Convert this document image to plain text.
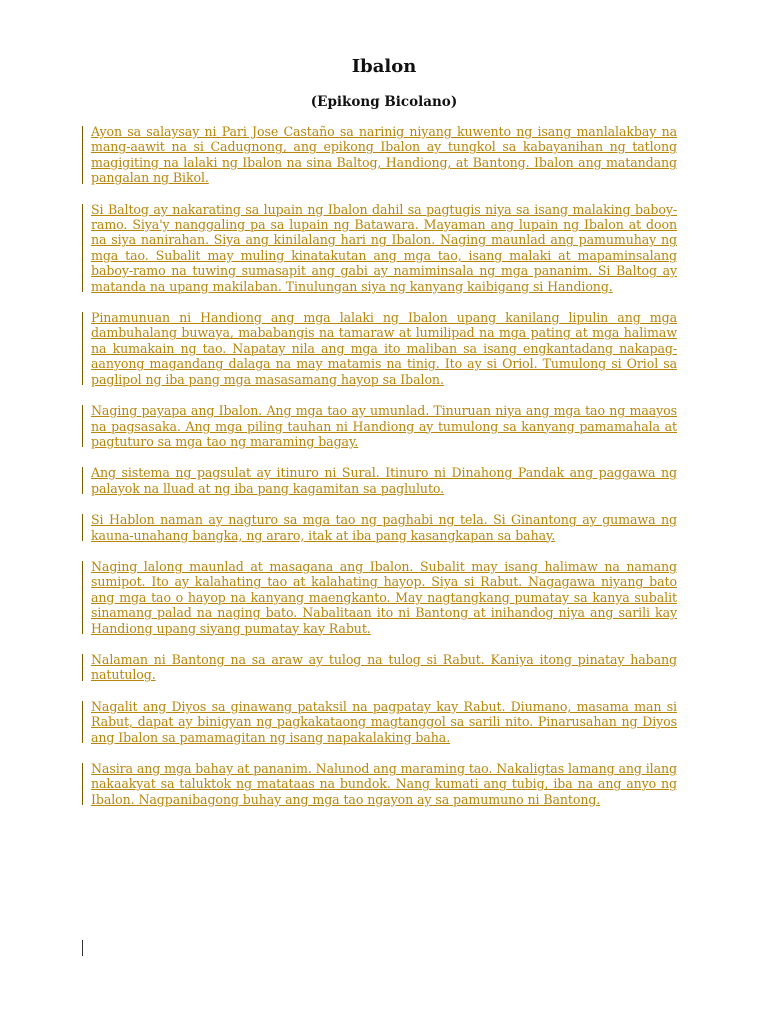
Ibalon
(Epikong Bicolano)

Ayon sa salaysay ni Pari Jose Castaño sa narinig niyang kuwento ng isang manlalakbay na mang-aawit na si Cadugnong, ang epikong Ibalon ay tungkol sa kabayanihan ng tatlong magigiting na lalaki ng Ibalon na sina Baltog, Handiong, at Bantong. Ibalon ang matandang pangalan ng Bikol.

Si Baltog ay nakarating sa lupain ng Ibalon dahil sa pagtugis niya sa isang malaking baboy-ramo. Siya'y nanggaling pa sa lupain ng Batawara. Mayaman ang lupain ng Ibalon at doon na siya nanirahan. Siya ang kinilalang hari ng Ibalon. Naging maunlad ang pamumuhay ng mga tao. Subalit may muling kinatakutan ang mga tao, isang malaki at mapaminsalang baboy-ramo na tuwing sumasapit ang gabi ay namiminsala ng mga pananim. Si Baltog ay matanda na upang makilaban. Tinulungan siya ng kanyang kaibigang si Handiong.

Pinamunuan ni Handiong ang mga lalaki ng Ibalon upang kanilang lipulin ang mga dambuhalang buwaya, mababangis na tamaraw at lumilipad na mga pating at mga halimaw na kumakain ng tao. Napatay nila ang mga ito maliban sa isang engkantadang nakapag-aanyong magandang dalaga na may matamis na tinig. Ito ay si Oriol. Tumulong si Oriol sa paglipol ng iba pang mga masasamang hayop sa Ibalon.

Naging payapa ang Ibalon. Ang mga tao ay umunlad. Tinuruan niya ang mga tao ng maayos na pagsasaka. Ang mga piling tauhan ni Handiong ay tumulong sa kanyang pamamahala at pagtuturo sa mga tao ng maraming bagay.

Ang sistema ng pagsulat ay itinuro ni Sural. Itinuro ni Dinahong Pandak ang paggawa ng palayok na lluad at ng iba pang kagamitan sa pagluluto.

Si Hablon naman ay nagturo sa mga tao ng paghabi ng tela. Si Ginantong ay gumawa ng kauna-unahang bangka, ng araro, itak at iba pang kasangkapan sa bahay.

Naging lalong maunlad at masagana ang Ibalon. Subalit may isang halimaw na namang sumipot. Ito ay kalahating tao at kalahating hayop. Siya si Rabut. Nagagawa niyang bato ang mga tao o hayop na kanyang maengkanto. May nagtangkang pumatay sa kanya subalit sinamang palad na naging bato. Nabalitaan ito ni Bantong at inihandog niya ang sarili kay Handiong upang siyang pumatay kay Rabut.

Nalaman ni Bantong na sa araw ay tulog na tulog si Rabut. Kaniya itong pinatay habang natutulog.

Nagalit ang Diyos sa ginawang pataksil na pagpatay kay Rabut. Diumano, masama man si Rabut, dapat ay binigyan ng pagkakataong magtanggol sa sarili nito. Pinarusahan ng Diyos ang Ibalon sa pamamagitan ng isang napakalaking baha.

Nasira ang mga bahay at pananim. Nalunod ang maraming tao. Nakaligtas lamang ang ilang nakaakyat sa taluktok ng matataas na bundok. Nang kumati ang tubig, iba na ang anyo ng Ibalon. Nagpanibagong buhay ang mga tao ngayon ay sa pamumuno ni Bantong.
